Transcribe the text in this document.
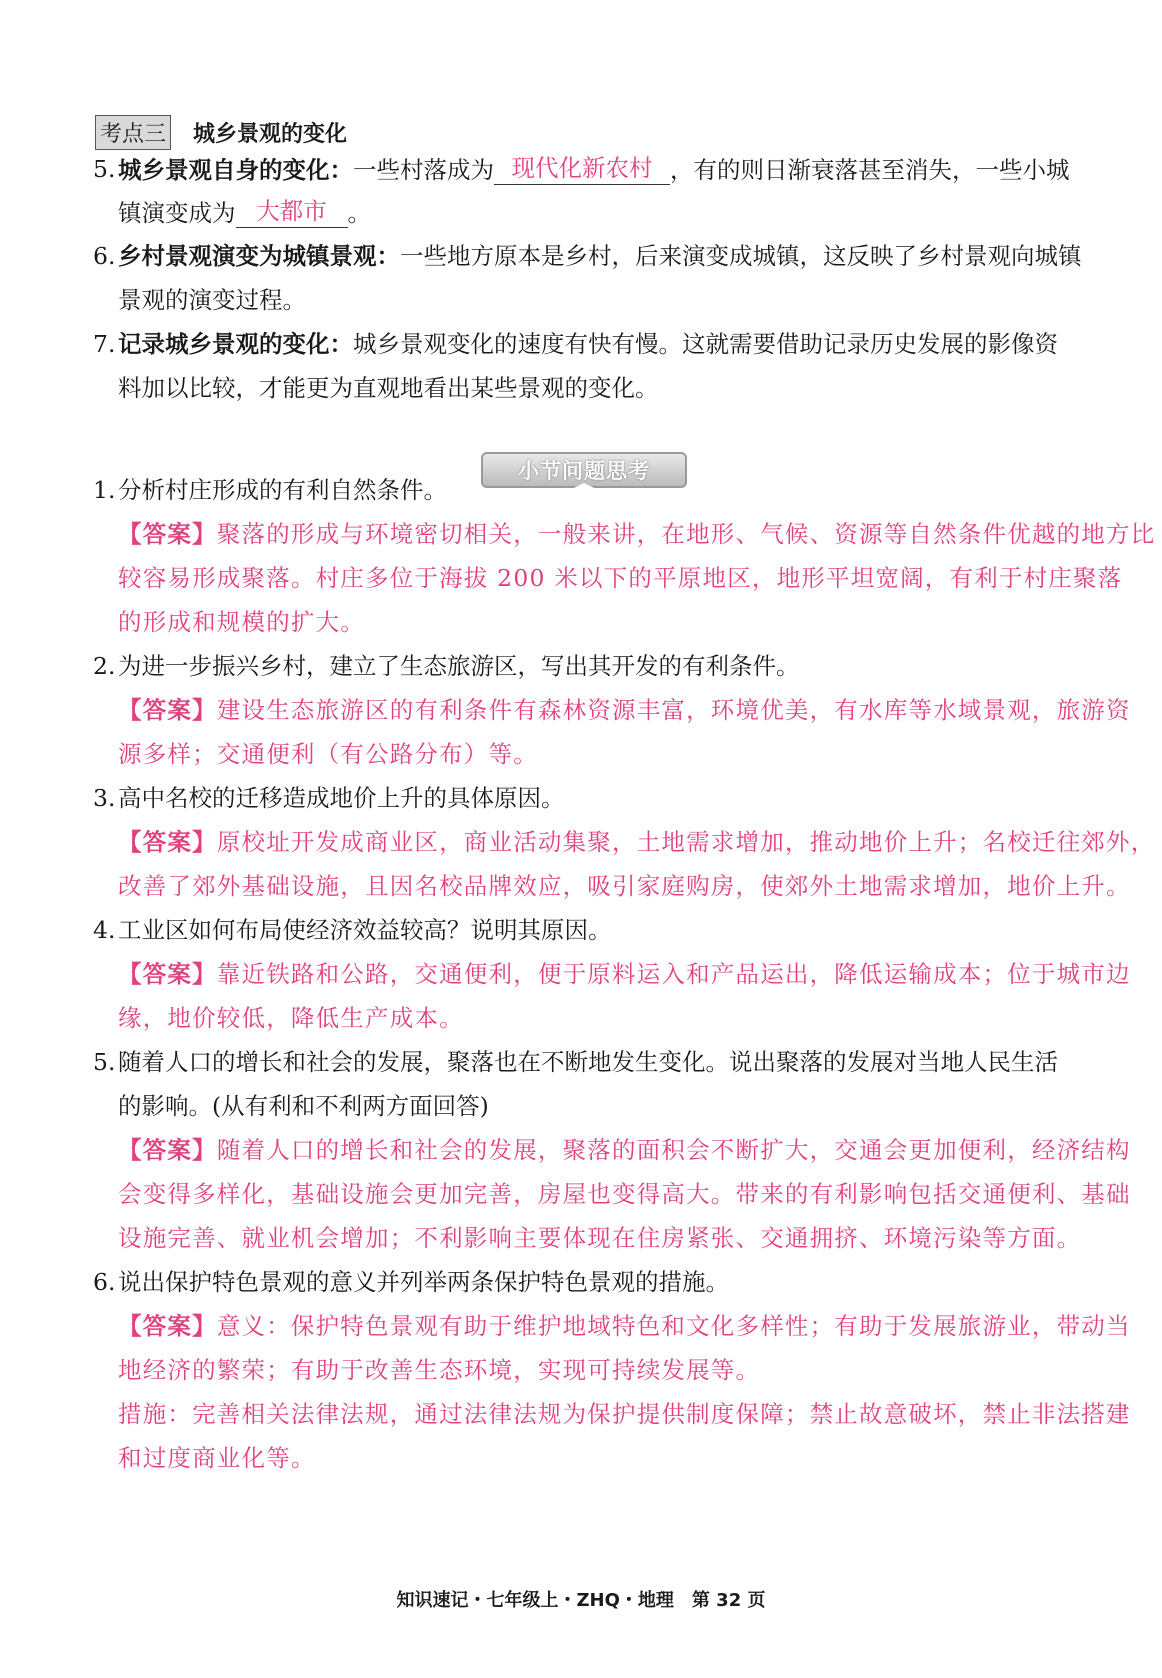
考点三 城乡景观的变化
5. 城乡景观自身的变化：一些村落成为 现代化新农村 ，有的则日渐衰落甚至消失，一些小城
镇演变成为 大都市 。
6. 乡村景观演变为城镇景观：一些地方原本是乡村，后来演变成城镇，这反映了乡村景观向城镇
景观的演变过程。
7. 记录城乡景观的变化：城乡景观变化的速度有快有慢。这就需要借助记录历史发展的影像资
料加以比较，才能更为直观地看出某些景观的变化。
小节问题思考
1. 分析村庄形成的有利自然条件。
【答案】聚落的形成与环境密切相关，一般来讲，在地形、气候、资源等自然条件优越的地方比
较容易形成聚落。村庄多位于海拔 200 米以下的平原地区，地形平坦宽阔，有利于村庄聚落
的形成和规模的扩大。
2. 为进一步振兴乡村，建立了生态旅游区，写出其开发的有利条件。
【答案】建设生态旅游区的有利条件有森林资源丰富，环境优美，有水库等水域景观，旅游资
源多样；交通便利（有公路分布）等。
3. 高中名校的迁移造成地价上升的具体原因。
【答案】原校址开发成商业区，商业活动集聚，土地需求增加，推动地价上升；名校迁往郊外，
改善了郊外基础设施，且因名校品牌效应，吸引家庭购房，使郊外土地需求增加，地价上升。
4. 工业区如何布局使经济效益较高？说明其原因。
【答案】靠近铁路和公路，交通便利，便于原料运入和产品运出，降低运输成本；位于城市边
缘，地价较低，降低生产成本。
5. 随着人口的增长和社会的发展，聚落也在不断地发生变化。说出聚落的发展对当地人民生活
的影响。(从有利和不利两方面回答)
【答案】随着人口的增长和社会的发展，聚落的面积会不断扩大，交通会更加便利，经济结构
会变得多样化，基础设施会更加完善，房屋也变得高大。带来的有利影响包括交通便利、基础
设施完善、就业机会增加；不利影响主要体现在住房紧张、交通拥挤、环境污染等方面。
6. 说出保护特色景观的意义并列举两条保护特色景观的措施。
【答案】意义：保护特色景观有助于维护地域特色和文化多样性；有助于发展旅游业，带动当
地经济的繁荣；有助于改善生态环境，实现可持续发展等。
措施：完善相关法律法规，通过法律法规为保护提供制度保障；禁止故意破坏，禁止非法搭建
和过度商业化等。
知识速记・七年级上・ZHQ・地理　第 32 页
